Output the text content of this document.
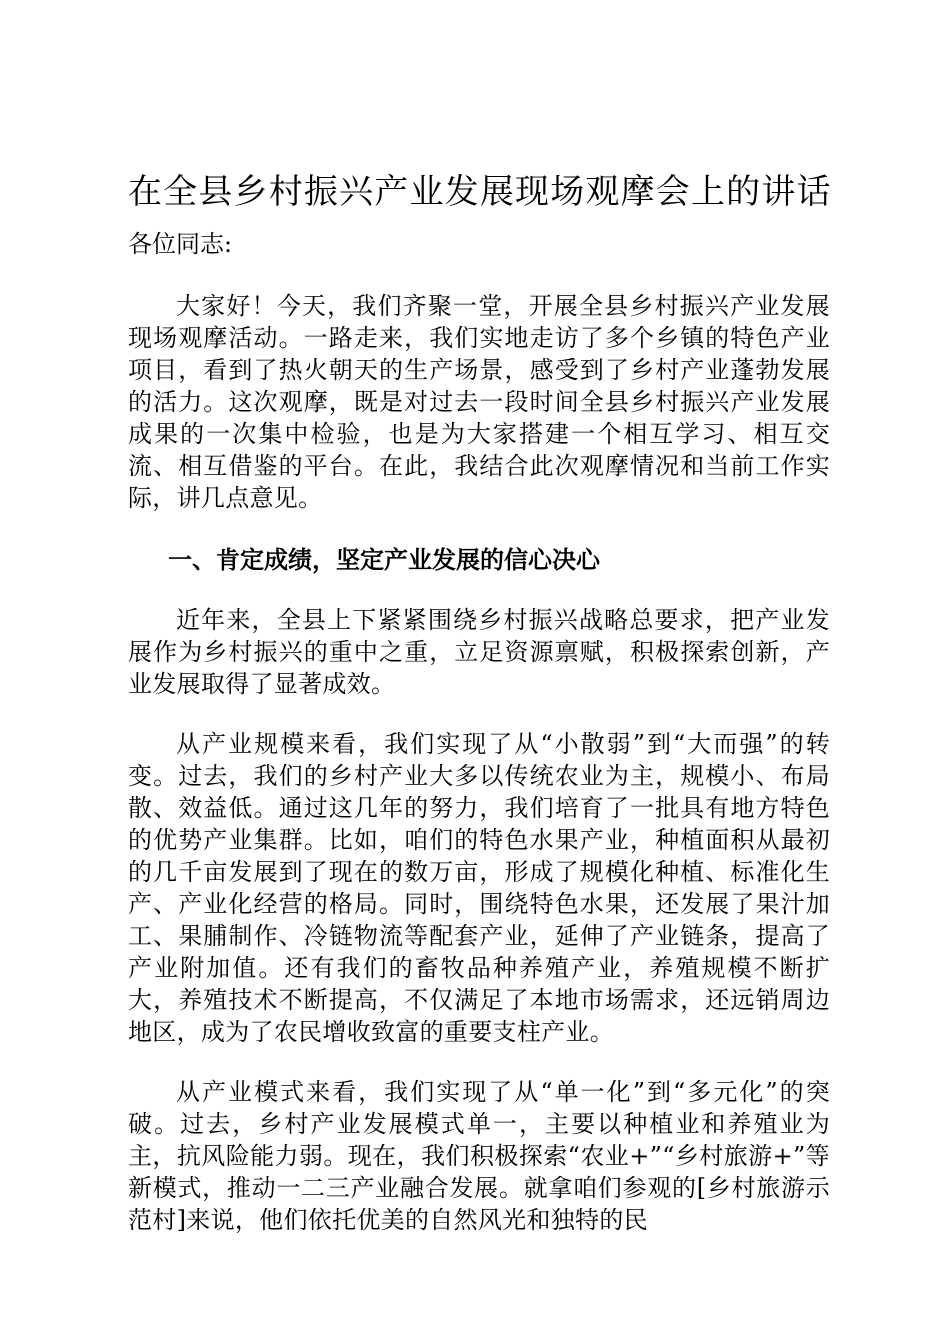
在全县乡村振兴产业发展现场观摩会上的讲话

各位同志:

大家好！今天，我们齐聚一堂，开展全县乡村振兴产业发展现场观摩活动。一路走来，我们实地走访了多个乡镇的特色产业项目，看到了热火朝天的生产场景，感受到了乡村产业蓬勃发展的活力。这次观摩，既是对过去一段时间全县乡村振兴产业发展成果的一次集中检验，也是为大家搭建一个相互学习、相互交流、相互借鉴的平台。在此，我结合此次观摩情况和当前工作实际，讲几点意见。

一、肯定成绩，坚定产业发展的信心决心

近年来，全县上下紧紧围绕乡村振兴战略总要求，把产业发展作为乡村振兴的重中之重，立足资源禀赋，积极探索创新，产业发展取得了显著成效。

从产业规模来看，我们实现了从“小散弱”到“大而强”的转变。过去，我们的乡村产业大多以传统农业为主，规模小、布局散、效益低。通过这几年的努力，我们培育了一批具有地方特色的优势产业集群。比如，咱们的特色水果产业，种植面积从最初的几千亩发展到了现在的数万亩，形成了规模化种植、标准化生产、产业化经营的格局。同时，围绕特色水果，还发展了果汁加工、果脯制作、冷链物流等配套产业，延伸了产业链条，提高了产业附加值。还有我们的畜牧品种养殖产业，养殖规模不断扩大，养殖技术不断提高，不仅满足了本地市场需求，还远销周边地区，成为了农民增收致富的重要支柱产业。

从产业模式来看，我们实现了从“单一化”到“多元化”的突破。过去，乡村产业发展模式单一，主要以种植业和养殖业为主，抗风险能力弱。现在，我们积极探索“农业+”“乡村旅游+”等新模式，推动一二三产业融合发展。就拿咱们参观的[乡村旅游示范村]来说，他们依托优美的自然风光和独特的民
